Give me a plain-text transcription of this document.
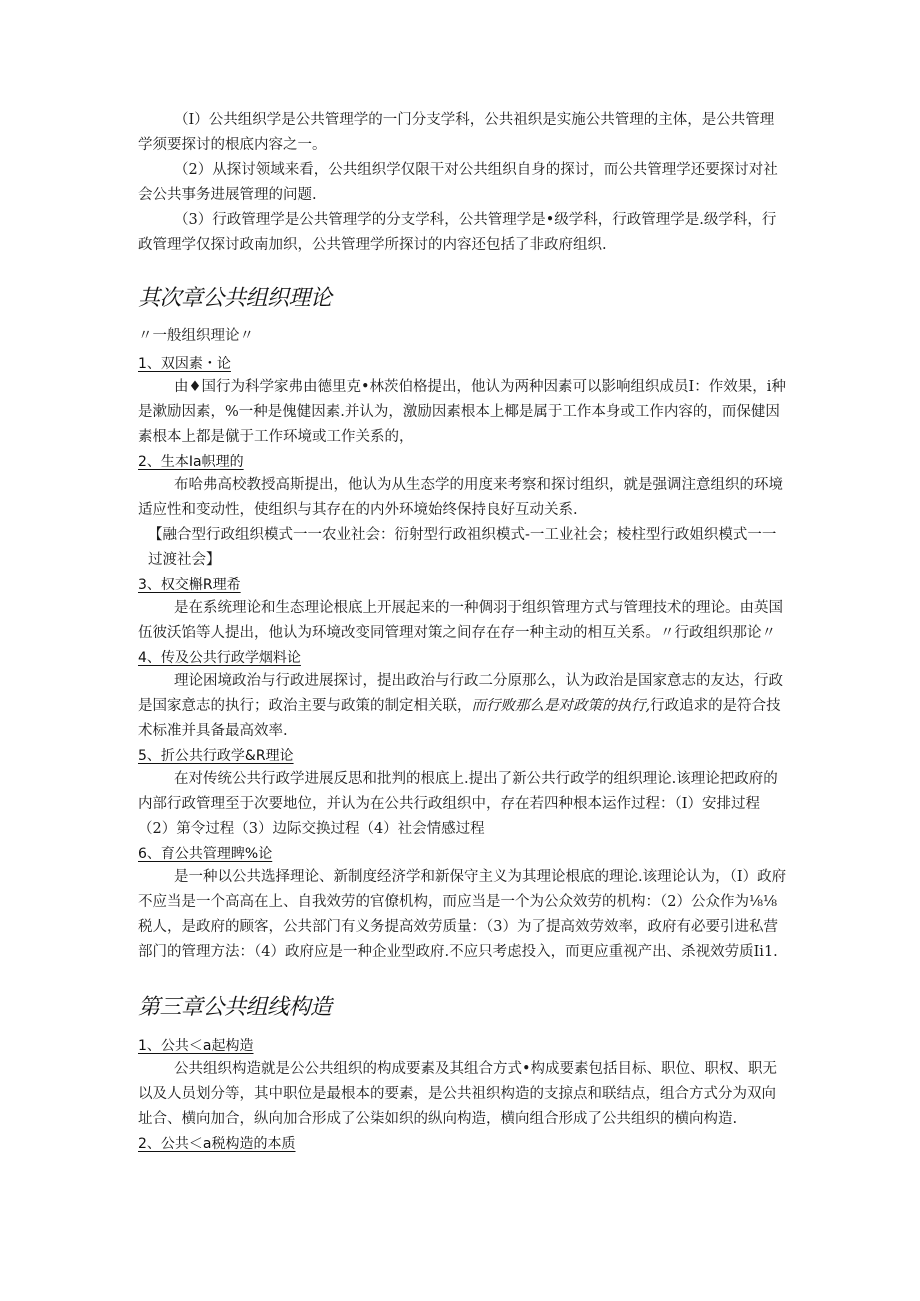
（I）公共组织学是公共管理学的一门分支学科，公共祖织是实施公共管理的主体，是公共管理学须要探讨的根底内容之一。

（2）从探讨领域来看，公共组织学仅限干对公共组织自身的探讨，而公共管理学还要探讨对社会公共事务进展管理的问题.

（3）行政管理学是公共管理学的分支学科，公共管理学是•级学科，行政管理学是.级学科，行政管理学仅探讨政南加织，公共管理学所探讨的内容还包括了非政府组织.

其次章公共组织理论

〃一般组织理论〃

1、双因素・论

由♦国行为科学家弗由德里克•林茨伯格提出，他认为两种因素可以影响组织成员I：作效果，i种是漱励因素，%一种是傀健因素.并认为，激励因素根本上椰是属于工作本身或工作内容的，而保健因素根本上都是僦于工作环境或工作关系的，

2、生本Ia帜理的

布哈弗高校教授高斯提出，他认为从生态学的用度来考察和探讨组织，就是强调注意组织的环境适应性和变动性，使组织与其存在的内外环境始终保持良好互动关系.

【融合型行政组织模式一一农业社会：衍射型行政祖织模式-一工业社会；棱柱型行政姐织模式一一过渡社会】

3、权交槲R理希

是在系统理论和生态理论根底上开展起来的一种倜羽于组织管理方式与管理技术的理论。由英国伍彼沃馅等人提出，他认为环境改变同管理对策之间存在存一种主动的相互关系。〃行政组织那论〃

4、传及公共行政学烟料论

理论困境政治与行政进展探讨，提出政治与行政二分原那么，认为政治是国家意志的友达，行政是国家意志的执行；政治主要与政策的制定相关联，而行败那么是对政策的执行,行政追求的是符合技术标准并具备最高效率.

5、折公共行政学&R理论

在对传统公共行政学进展反思和批判的根底上.提出了新公共行政学的组织理论.该理论把政府的内部行政管理至于次要地位，并认为在公共行政组织中，存在若四种根本运作过程：（I）安排过程（2）第令过程（3）边际交换过程（4）社会情感过程

6、育公共管理睥%论

是一种以公共选择理论、新制度经济学和新保守主义为其理论根底的理论.该理论认为，（I）政府不应当是一个高高在上、自我效劳的官僚机构，而应当是一个为公众效劳的机构：（2）公众作为⅛⅛税人，是政府的顾客，公共部门有义务提高效劳质量：（3）为了提高效劳效率，政府有必要引进私营部门的管理方法：（4）政府应是一种企业型政府.不应只考虑投入，而更应重视产出、杀视效劳质Ii1.

第三章公共组线构造
1、公共＜a起构造

公共组织构造就是公公共组织的构成要素及其组合方式•构成要素包括目标、职位、职权、职无以及人员划分等，其中职位是最根本的要素，是公共祖织构造的支掠点和联结点，组合方式分为双向址合、横向加合，纵向加合形成了公柒如织的纵向构造，横向组合形成了公共组织的横向构造.

2、公共＜a税构造的本质
